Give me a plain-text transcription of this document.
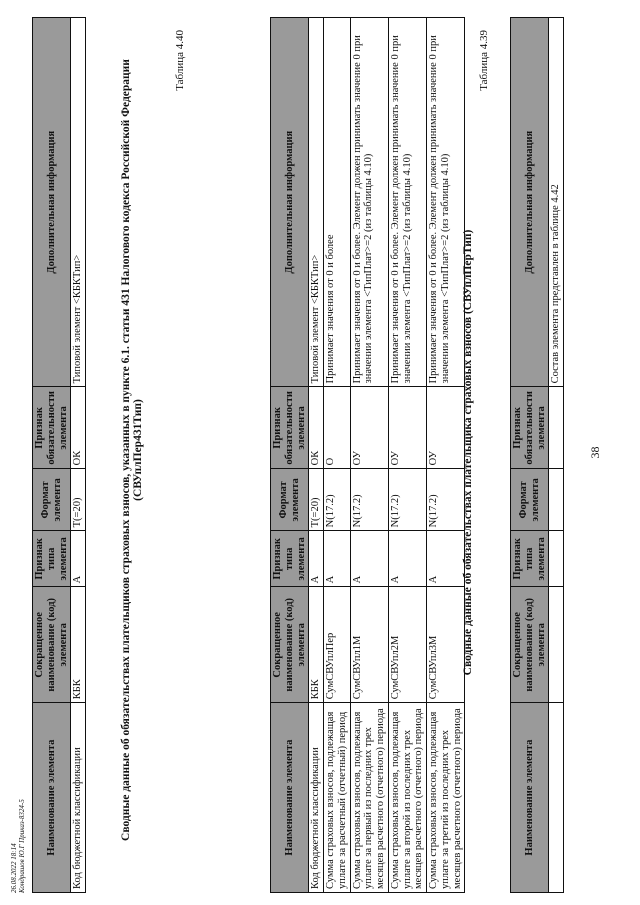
38
Наименование элемента	Сокращенное наименование (код) элемента	Признак типа элемента	Формат элемента	Признак обязательности элемента	Дополнительная информация
					Состав элемента представлен в таблице 4.42
Таблица 4.39
Сводные данные об обязательствах плательщика страховых взносов (СВУплПерТип)
Наименование элемента	Сокращенное наименование (код) элемента	Признак типа элемента	Формат элемента	Признак обязательности элемента	Дополнительная информация
Код бюджетной классификации	КБК	А	T(=20)	ОК	Типовой элемент <КБКТип>
Сумма страховых взносов, подлежащая уплате за расчетный (отчетный) период	СумСВУплПер	А	N(17.2)	О	Принимает значения от 0 и более
Сумма страховых взносов, подлежащая уплате за первый из последних трех месяцев расчетного (отчетного) периода	СумСВУпл1М	А	N(17.2)	ОУ	Принимает значения от 0 и более. Элемент должен принимать значение 0 при значении элемента <ТипПлат>=2 (из таблицы 4.10)
Сумма страховых взносов, подлежащая уплате за второй из последних трех месяцев расчетного (отчетного) периода	СумСВУпл2М	А	N(17.2)	ОУ	Принимает значения от 0 и более. Элемент должен принимать значение 0 при значении элемента <ТипПлат>=2 (из таблицы 4.10)
Сумма страховых взносов, подлежащая уплате за третий из последних трех месяцев расчетного (отчетного) периода	СумСВУпл3М	А	N(17.2)	ОУ	Принимает значения от 0 и более. Элемент должен принимать значение 0 при значении элемента <ТипПлат>=2 (из таблицы 4.10)
Таблица 4.40
Сводные данные об обязательствах плательщиков страховых взносов, указанных в пункте 6.1. статьи 431 Налогового кодекса Российской Федерации (СВУплПер431Тип)
Наименование элемента	Сокращенное наименование (код) элемента	Признак типа элемента	Формат элемента	Признак обязательности элемента	Дополнительная информация
Код бюджетной классификации	КБК	А	T(=20)	ОК	Типовой элемент <КБКТип>
26.08.2022 18:14 Кондрашов Ю.Г Приказ-8324-5
